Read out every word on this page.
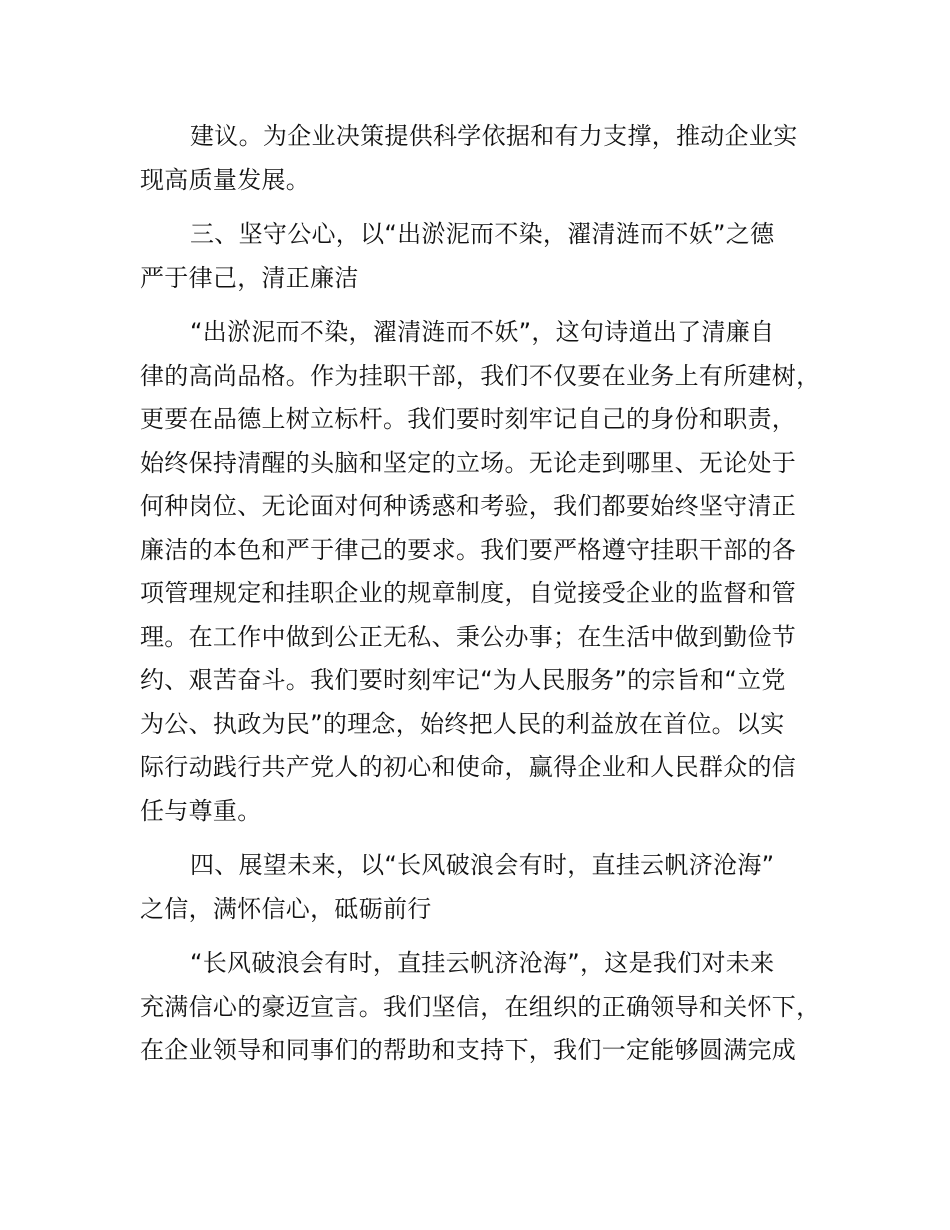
建议。为企业决策提供科学依据和有力支撑，推动企业实
现高质量发展。
三、坚守公心，以“出淤泥而不染，濯清涟而不妖”之德
严于律己，清正廉洁
“出淤泥而不染，濯清涟而不妖”，这句诗道出了清廉自
律的高尚品格。作为挂职干部，我们不仅要在业务上有所建树，
更要在品德上树立标杆。我们要时刻牢记自己的身份和职责，
始终保持清醒的头脑和坚定的立场。无论走到哪里、无论处于
何种岗位、无论面对何种诱惑和考验，我们都要始终坚守清正
廉洁的本色和严于律己的要求。我们要严格遵守挂职干部的各
项管理规定和挂职企业的规章制度，自觉接受企业的监督和管
理。在工作中做到公正无私、秉公办事；在生活中做到勤俭节
约、艰苦奋斗。我们要时刻牢记“为人民服务”的宗旨和“立党
为公、执政为民”的理念，始终把人民的利益放在首位。以实
际行动践行共产党人的初心和使命，赢得企业和人民群众的信
任与尊重。
四、展望未来，以“长风破浪会有时，直挂云帆济沧海”
之信，满怀信心，砥砺前行
“长风破浪会有时，直挂云帆济沧海”，这是我们对未来
充满信心的豪迈宣言。我们坚信，在组织的正确领导和关怀下，
在企业领导和同事们的帮助和支持下，我们一定能够圆满完成
